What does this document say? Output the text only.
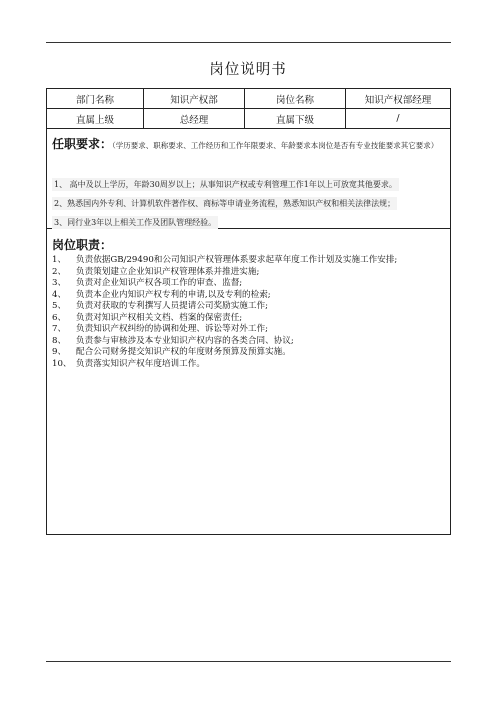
岗位说明书
部门名称	知识产权部	岗位名称	知识产权部经理
直属上级	总经理	直属下级	/
任职要求：（学历要求、职称要求、工作经历和工作年限要求、年龄要求本岗位是否有专业技能要求其它要求）
1、 高中及以上学历，年龄30周岁以上；从事知识产权或专利管理工作1年以上可放宽其他要求。
2、熟悉国内外专利、计算机软件著作权、商标等申请业务流程，熟悉知识产权和相关法律法规；
3、同行业3年以上相关工作及团队管理经验。
岗位职责：
1、	负责依据GB/29490和公司知识产权管理体系要求起草年度工作计划及实施工作安排;
2、	负责策划建立企业知识产权管理体系并推进实施;
3、	负责对企业知识产权各项工作的审查、监督;
4、	负责本企业内知识产权专利的申请,以及专利的检索;
5、	负责对获取的专利撰写人员提请公司奖励实施工作;
6、	负责对知识产权相关文档、档案的保密责任;
7、	负责知识产权纠纷的协调和处理、诉讼等对外工作;
8、	负责参与审核涉及本专业知识产权内容的各类合同、协议;
9、	配合公司财务提交知识产权的年度财务预算及预算实施。
10、 负责落实知识产权年度培训工作。
